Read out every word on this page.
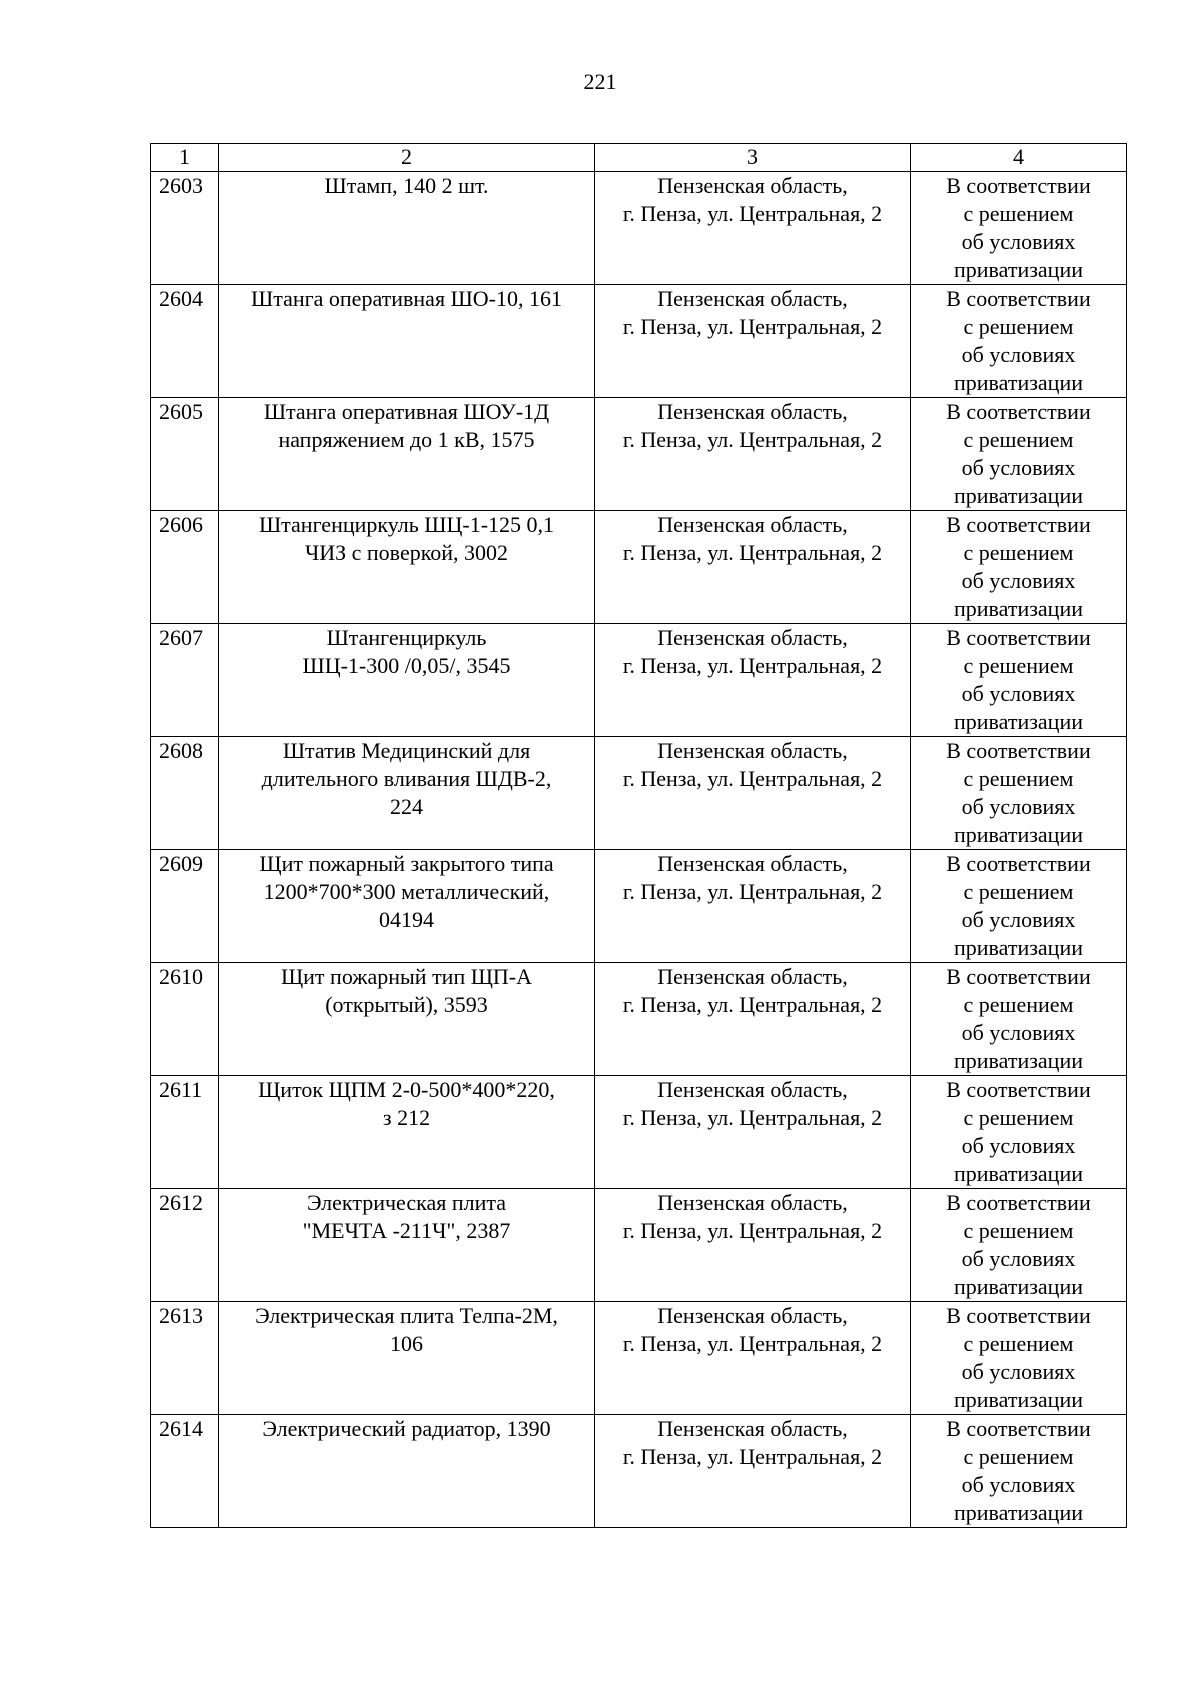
221
1	2	3	4
2603	Штамп, 140 2 шт.	Пензенская область,
г. Пенза, ул. Центральная, 2	В соответствии
с решением
об условиях
приватизации

2604	Штанга оперативная ШО-10, 161	Пензенская область,
г. Пенза, ул. Центральная, 2	В соответствии
с решением
об условиях
приватизации

2605	Штанга оперативная ШОУ-1Д
напряжением до 1 кВ, 1575	Пензенская область,
г. Пенза, ул. Центральная, 2	В соответствии
с решением
об условиях
приватизации

2606	Штангенциркуль ШЦ-1-125 0,1
ЧИЗ с поверкой, 3002	Пензенская область,
г. Пенза, ул. Центральная, 2	В соответствии
с решением
об условиях
приватизации

2607	Штангенциркуль
ШЦ-1-300 /0,05/, 3545	Пензенская область,
г. Пенза, ул. Центральная, 2	В соответствии
с решением
об условиях
приватизации

2608	Штатив Медицинский для
длительного вливания ШДВ-2,
224	Пензенская область,
г. Пенза, ул. Центральная, 2	В соответствии
с решением
об условиях
приватизации

2609	Щит пожарный закрытого типа
1200*700*300 металлический,
04194	Пензенская область,
г. Пенза, ул. Центральная, 2	В соответствии
с решением
об условиях
приватизации

2610	Щит пожарный тип ЩП-А
(открытый), 3593	Пензенская область,
г. Пенза, ул. Центральная, 2	В соответствии
с решением
об условиях
приватизации

2611	Щиток ЩПМ 2-0-500*400*220,
з 212	Пензенская область,
г. Пенза, ул. Центральная, 2	В соответствии
с решением
об условиях
приватизации

2612	Электрическая плита
"МЕЧТА -211Ч", 2387	Пензенская область,
г. Пенза, ул. Центральная, 2	В соответствии
с решением
об условиях
приватизации

2613	Электрическая плита Телпа-2М,
106	Пензенская область,
г. Пенза, ул. Центральная, 2	В соответствии
с решением
об условиях
приватизации

2614	Электрический радиатор, 1390	Пензенская область,
г. Пенза, ул. Центральная, 2	В соответствии
с решением
об условиях
приватизации
